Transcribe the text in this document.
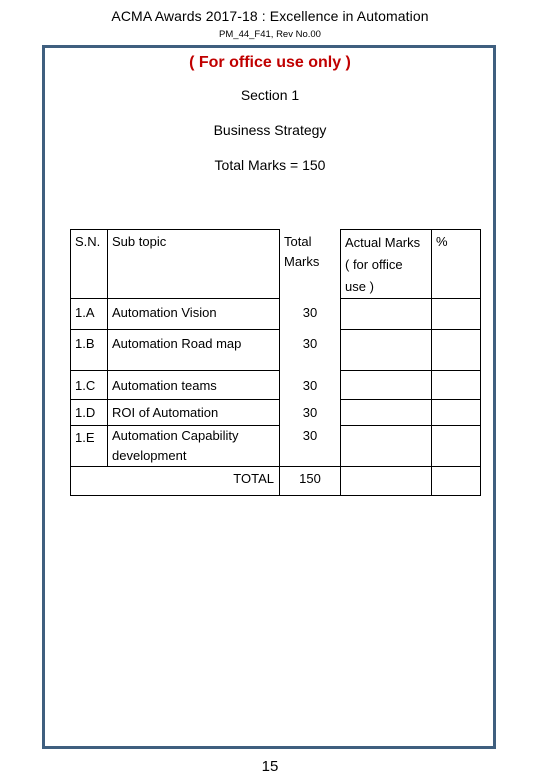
ACMA Awards 2017-18 : Excellence in Automation
PM_44_F41, Rev No.00
( For office use only )
Section 1
Business Strategy
Total Marks = 150
S.N.	Sub topic	Total Marks	Actual Marks ( for office use )	%
1.A	Automation Vision	30		
1.B	Automation Road map	30		
1.C	Automation teams	30		
1.D	ROI of Automation	30		
1.E	Automation Capability development	30		
TOTAL		150		
15
